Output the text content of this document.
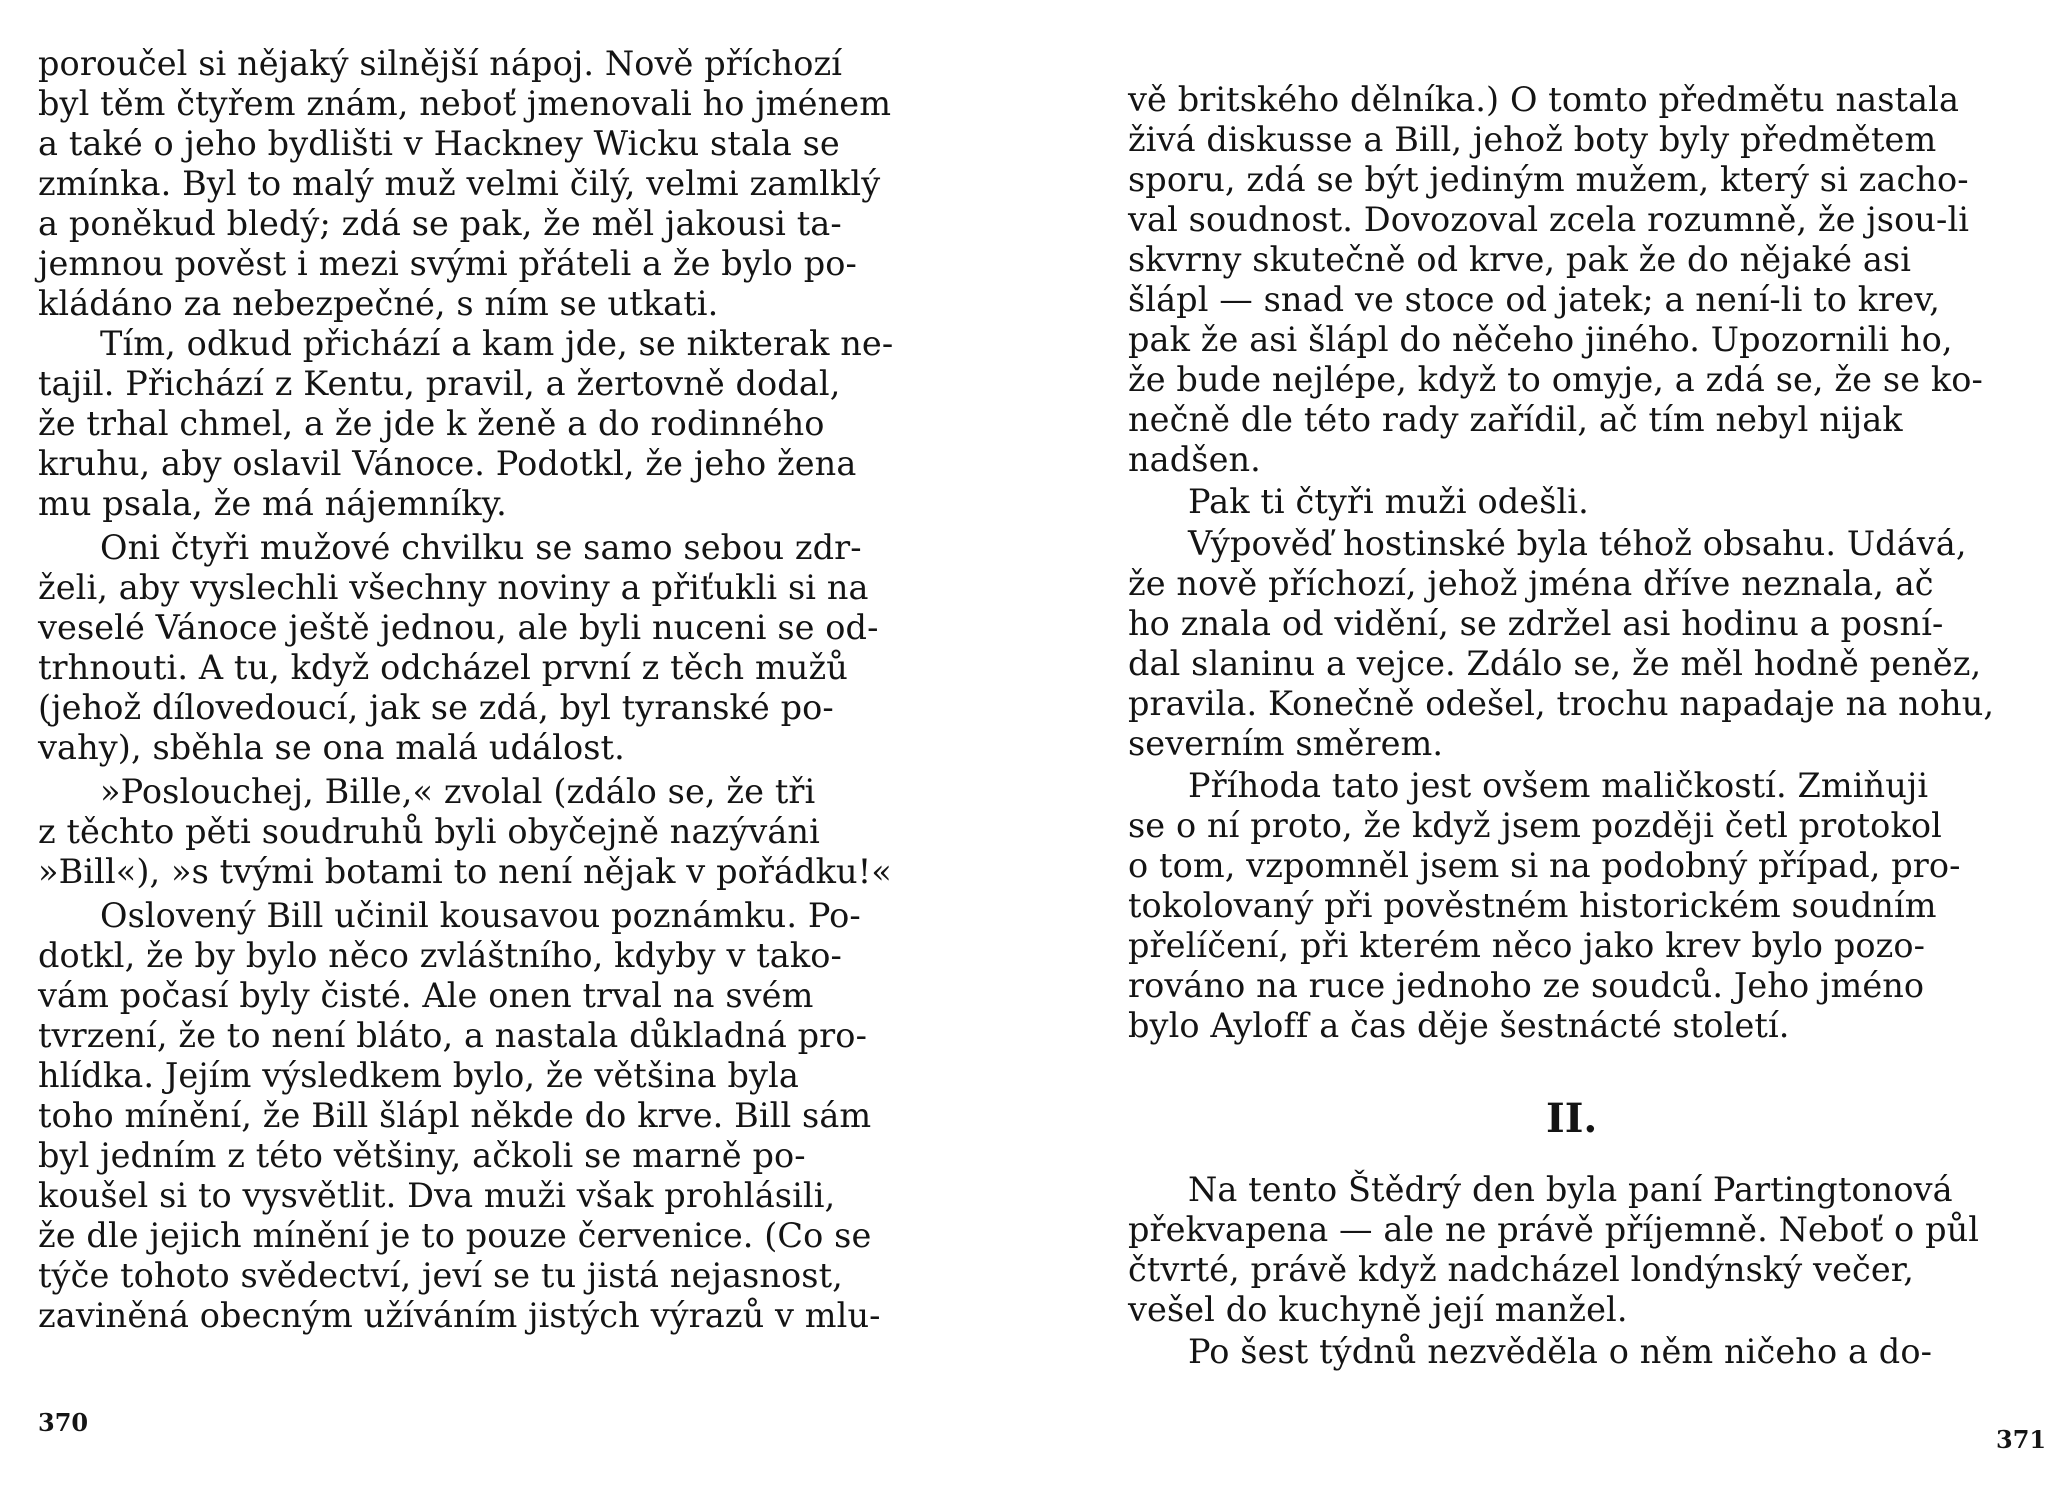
poroučel si nějaký silnější nápoj. Nově příchozí
byl těm čtyřem znám, neboť jmenovali ho jménem
a také o jeho bydlišti v Hackney Wicku stala se
zmínka. Byl to malý muž velmi čilý, velmi zamlklý
a poněkud bledý; zdá se pak, že měl jakousi ta-
jemnou pověst i mezi svými přáteli a že bylo po-
kládáno za nebezpečné, s ním se utkati.
Tím, odkud přichází a kam jde, se nikterak ne-
tajil. Přichází z Kentu, pravil, a žertovně dodal,
že trhal chmel, a že jde k ženě a do rodinného
kruhu, aby oslavil Vánoce. Podotkl, že jeho žena
mu psala, že má nájemníky.
Oni čtyři mužové chvilku se samo sebou zdr-
želi, aby vyslechli všechny noviny a přiťukli si na
veselé Vánoce ještě jednou, ale byli nuceni se od-
trhnouti. A tu, když odcházel první z těch mužů
(jehož dílovedoucí, jak se zdá, byl tyranské po-
vahy), sběhla se ona malá událost.
»Poslouchej, Bille,« zvolal (zdálo se, že tři
z těchto pěti soudruhů byli obyčejně nazýváni
»Bill«), »s tvými botami to není nějak v pořádku!«
Oslovený Bill učinil kousavou poznámku. Po-
dotkl, že by bylo něco zvláštního, kdyby v tako-
vám počasí byly čisté. Ale onen trval na svém
tvrzení, že to není bláto, a nastala důkladná pro-
hlídka. Jejím výsledkem bylo, že většina byla
toho mínění, že Bill šlápl někde do krve. Bill sám
byl jedním z této většiny, ačkoli se marně po-
koušel si to vysvětlit. Dva muži však prohlásili,
že dle jejich mínění je to pouze červenice. (Co se
týče tohoto svědectví, jeví se tu jistá nejasnost,
zaviněná obecným užíváním jistých výrazů v mlu-
370
vě britského dělníka.) O tomto předmětu nastala
živá diskusse a Bill, jehož boty byly předmětem
sporu, zdá se být jediným mužem, který si zacho-
val soudnost. Dovozoval zcela rozumně, že jsou-li
skvrny skutečně od krve, pak že do nějaké asi
šlápl — snad ve stoce od jatek; a není-li to krev,
pak že asi šlápl do něčeho jiného. Upozornili ho,
že bude nejlépe, když to omyje, a zdá se, že se ko-
nečně dle této rady zařídil, ač tím nebyl nijak
nadšen.
Pak ti čtyři muži odešli.
Výpověď hostinské byla téhož obsahu. Udává,
že nově příchozí, jehož jména dříve neznala, ač
ho znala od vidění, se zdržel asi hodinu a posní-
dal slaninu a vejce. Zdálo se, že měl hodně peněz,
pravila. Konečně odešel, trochu napadaje na nohu,
severním směrem.
Příhoda tato jest ovšem maličkostí. Zmiňuji
se o ní proto, že když jsem později četl protokol
o tom, vzpomněl jsem si na podobný případ, pro-
tokolovaný při pověstném historickém soudním
přelíčení, při kterém něco jako krev bylo pozo-
rováno na ruce jednoho ze soudců. Jeho jméno
bylo Ayloff a čas děje šestnácté století.
II.
Na tento Štědrý den byla paní Partingtonová
překvapena — ale ne právě příjemně. Neboť o půl
čtvrté, právě když nadcházel londýnský večer,
vešel do kuchyně její manžel.
Po šest týdnů nezvěděla o něm ničeho a do-
371
